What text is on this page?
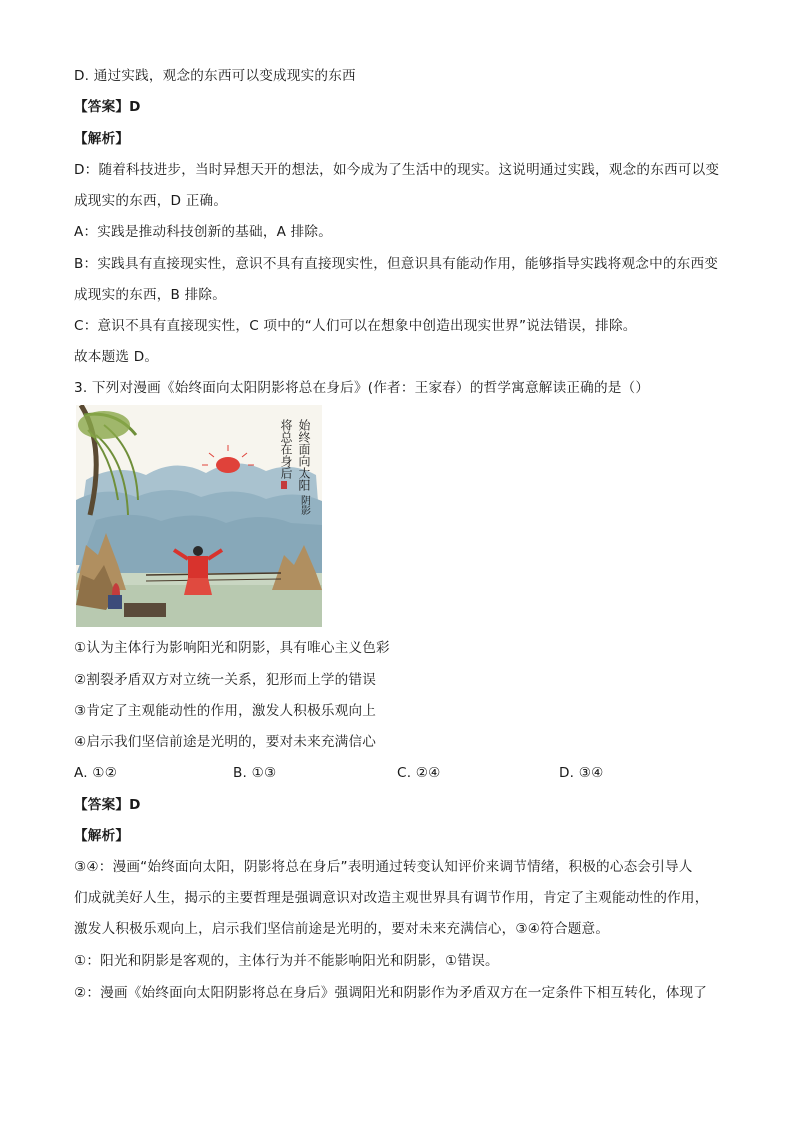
D. 通过实践，观念的东西可以变成现实的东西
【答案】D
【解析】
D：随着科技进步，当时异想天开的想法，如今成为了生活中的现实。这说明通过实践，观念的东西可以变
成现实的东西，D 正确。
A：实践是推动科技创新的基础，A 排除。
B：实践具有直接现实性，意识不具有直接现实性，但意识具有能动作用，能够指导实践将观念中的东西变
成现实的东西，B 排除。
C：意识不具有直接现实性，C 项中的“人们可以在想象中创造出现实世界”说法错误，排除。
故本题选 D。
3. 下列对漫画《始终面向太阳阴影将总在身后》(作者：王家春）的哲学寓意解读正确的是（）
始终面向太阳
阴影
将总在身后
①认为主体行为影响阳光和阴影，具有唯心主义色彩
②割裂矛盾双方对立统一关系，犯形而上学的错误
③肯定了主观能动性的作用，激发人积极乐观向上
④启示我们坚信前途是光明的，要对未来充满信心
A. ①②	B. ①③	C. ②④	D. ③④
【答案】D
【解析】
③④：漫画“始终面向太阳，阴影将总在身后”表明通过转变认知评价来调节情绪，积极的心态会引导人
们成就美好人生，揭示的主要哲理是强调意识对改造主观世界具有调节作用，肯定了主观能动性的作用，
激发人积极乐观向上，启示我们坚信前途是光明的，要对未来充满信心，③④符合题意。
①：阳光和阴影是客观的，主体行为并不能影响阳光和阴影，①错误。
②：漫画《始终面向太阳阴影将总在身后》强调阳光和阴影作为矛盾双方在一定条件下相互转化，体现了
